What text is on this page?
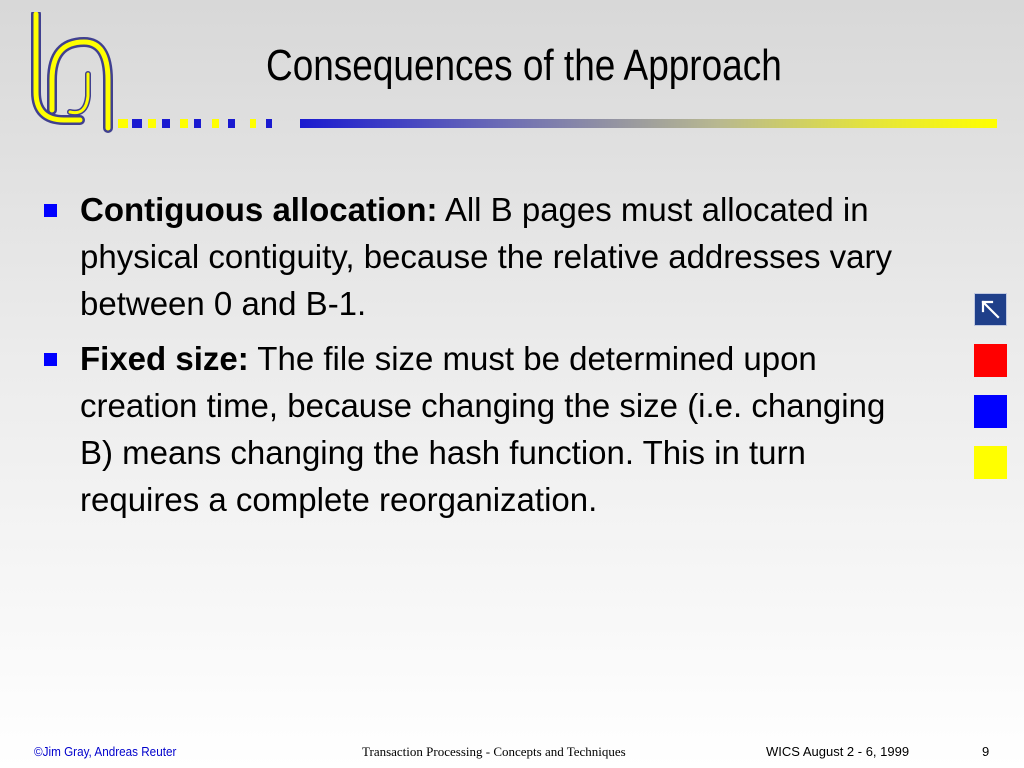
Consequences of the Approach
Contiguous allocation: All B pages must allocated in physical contiguity, because the relative addresses vary between 0 and B-1.
Fixed size: The file size must be determined upon creation time, because changing the size (i.e. changing B) means changing the hash function. This in turn requires a complete reorganization.
©Jim Gray, Andreas Reuter	Transaction Processing - Concepts and Techniques	WICS August 2 - 6, 1999	9
